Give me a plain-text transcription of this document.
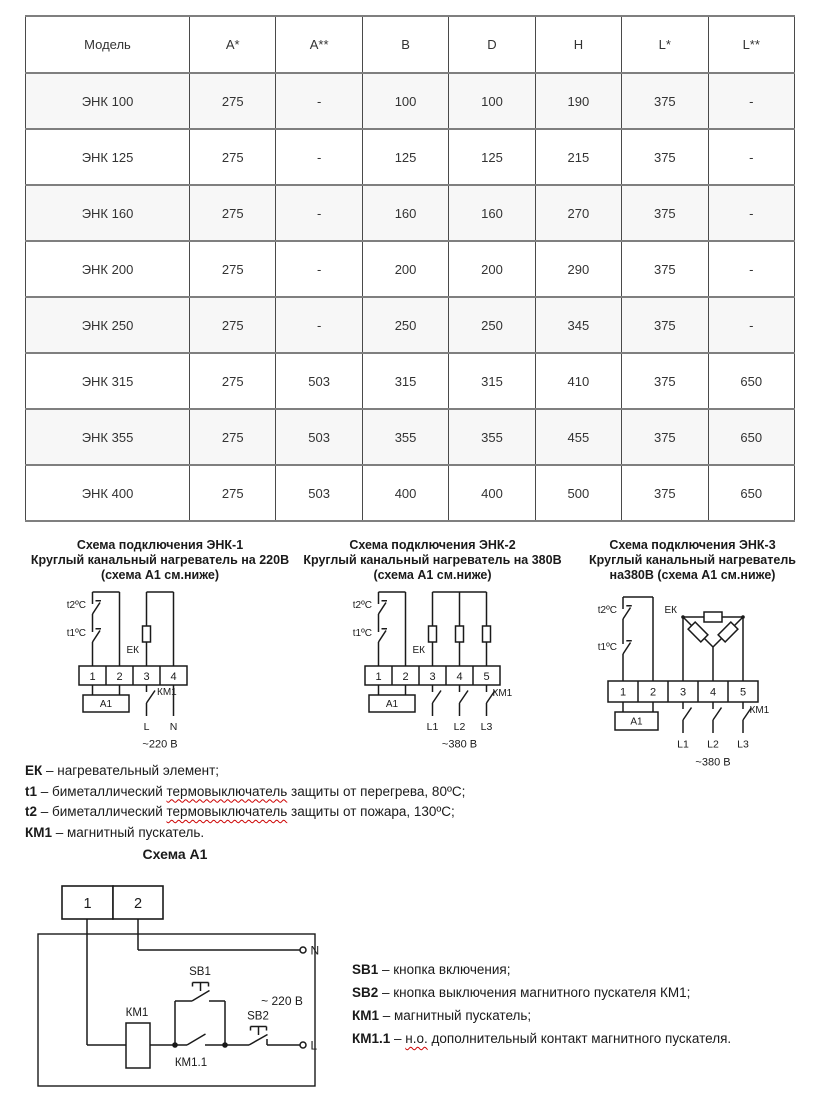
Модель	A*	A**	B	D	H	L*	L**
ЭНК 100	275	-	100	100	190	375	-
ЭНК 125	275	-	125	125	215	375	-
ЭНК 160	275	-	160	160	270	375	-
ЭНК 200	275	-	200	200	290	375	-
ЭНК 250	275	-	250	250	345	375	-
ЭНК 315	275	503	315	315	410	375	650
ЭНК 355	275	503	355	355	455	375	650
ЭНК 400	275	503	400	400	500	375	650
Схема подключения ЭНК-1
Круглый канальный нагреватель на 220В
(схема А1 см.ниже)
t2ºC
t1ºC
ЕК
1 2 3 4
А1
КМ1
L N
~220 В
Схема подключения ЭНК-2
Круглый канальный нагреватель на 380В
(схема А1 см.ниже)
t2ºC
t1ºC
ЕК
1 2 3 4 5
А1
КМ1
L1 L2 L3
~380 В
Схема подключения ЭНК-3
Круглый канальный нагреватель
на380В (схема А1 см.ниже)
t2ºC
t1ºC
ЕК
1 2 3 4 5
А1
КМ1
L1 L2 L3
~380 В
ЕК – нагревательный элемент;
t1 – биметаллический термовыключатель защиты от перегрева, 80ºС;
t2 – биметаллический термовыключатель защиты от пожара, 130ºС;
КМ1 – магнитный пускатель.
Схема А1
1	2
N
КМ1
КМ1.1
SB1
SB2
L
~ 220 В
SB1 – кнопка включения;
SB2 – кнопка выключения магнитного пускателя КМ1;
КМ1 – магнитный пускатель;
КМ1.1 – н.о. дополнительный контакт магнитного пускателя.
